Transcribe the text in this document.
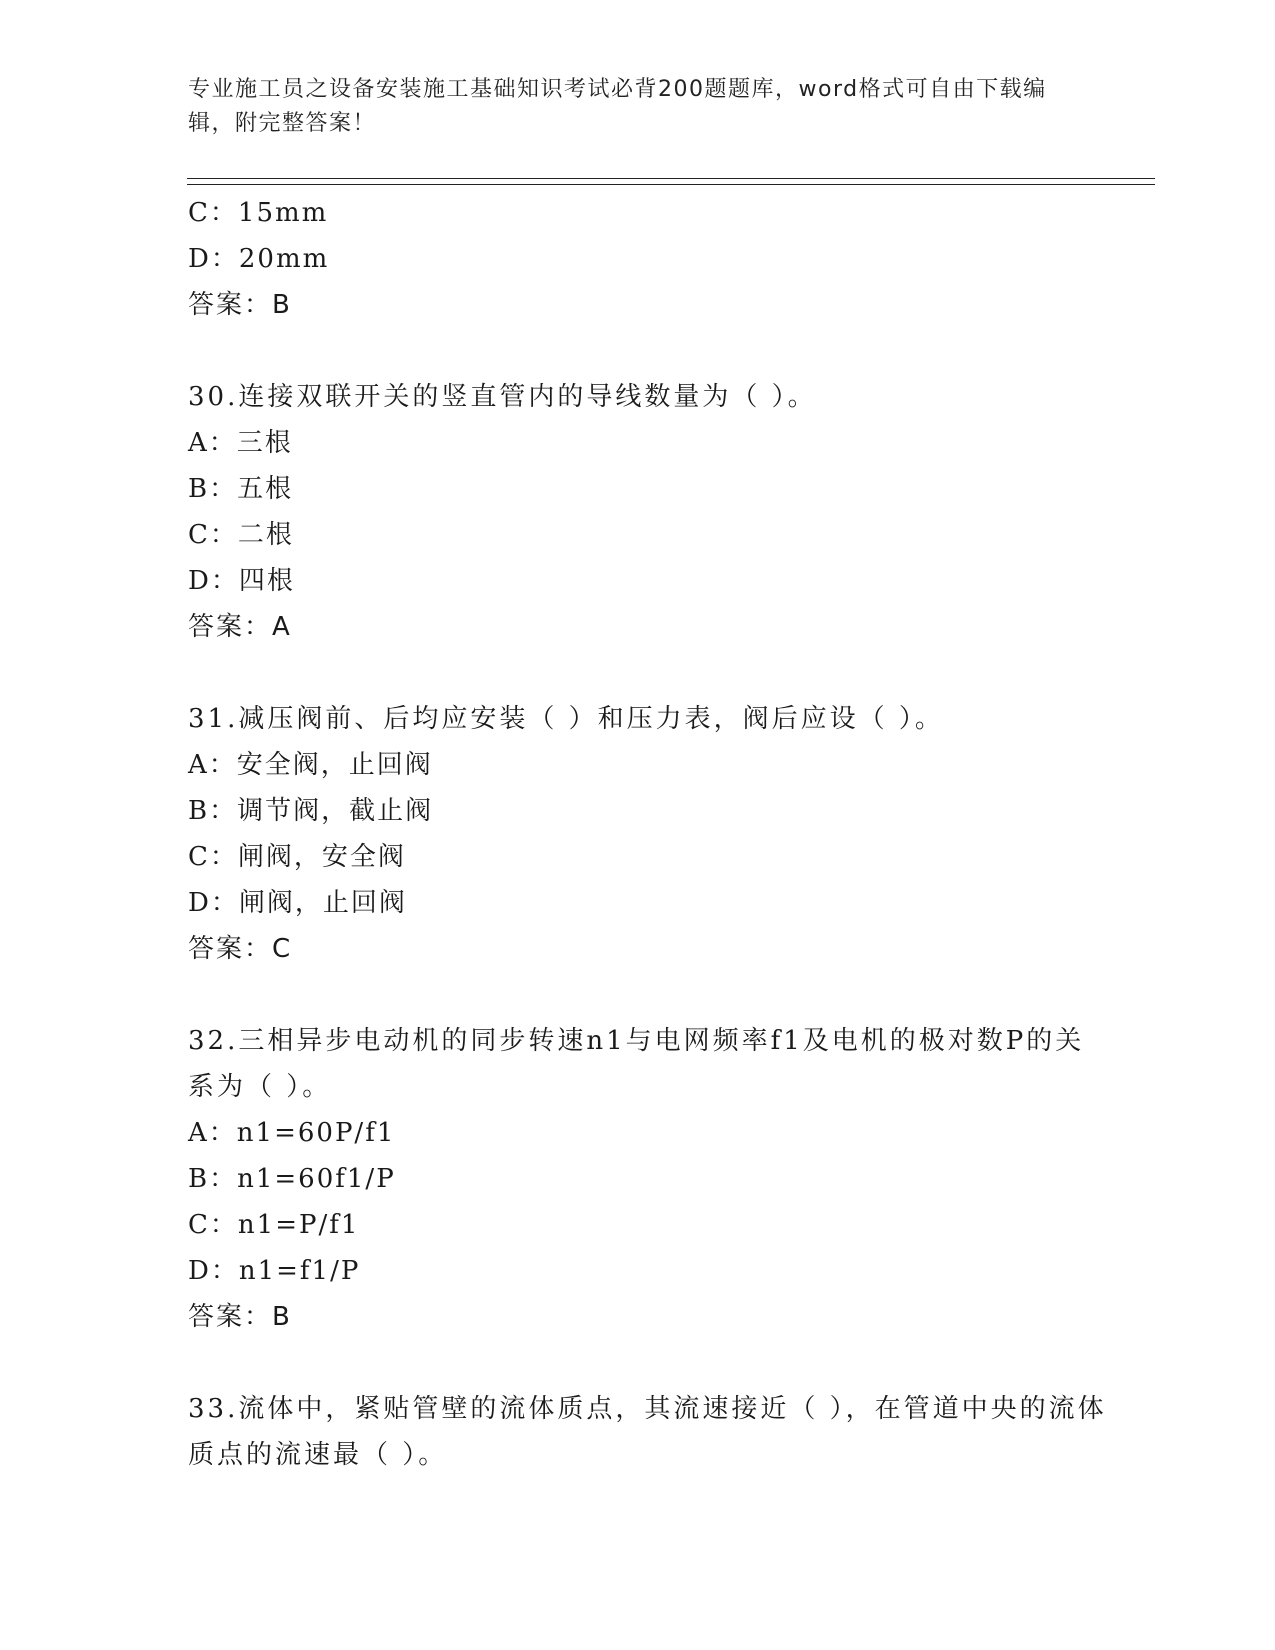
专业施工员之设备安装施工基础知识考试必背200题题库，word格式可自由下载编辑，附完整答案！
C：15mm
D：20mm
答案：B
30.连接双联开关的竖直管内的导线数量为（ ）。
A：三根
B：五根
C：二根
D：四根
答案：A
31.减压阀前、后均应安装（ ）和压力表，阀后应设（ ）。
A：安全阀，止回阀
B：调节阀，截止阀
C：闸阀，安全阀
D：闸阀，止回阀
答案：C
32.三相异步电动机的同步转速n1与电网频率f1及电机的极对数P的关系为（ ）。
A：n1=60P/f1
B：n1=60f1/P
C：n1=P/f1
D：n1=f1/P
答案：B
33.流体中，紧贴管壁的流体质点，其流速接近（ ），在管道中央的流体质点的流速最（ ）。
